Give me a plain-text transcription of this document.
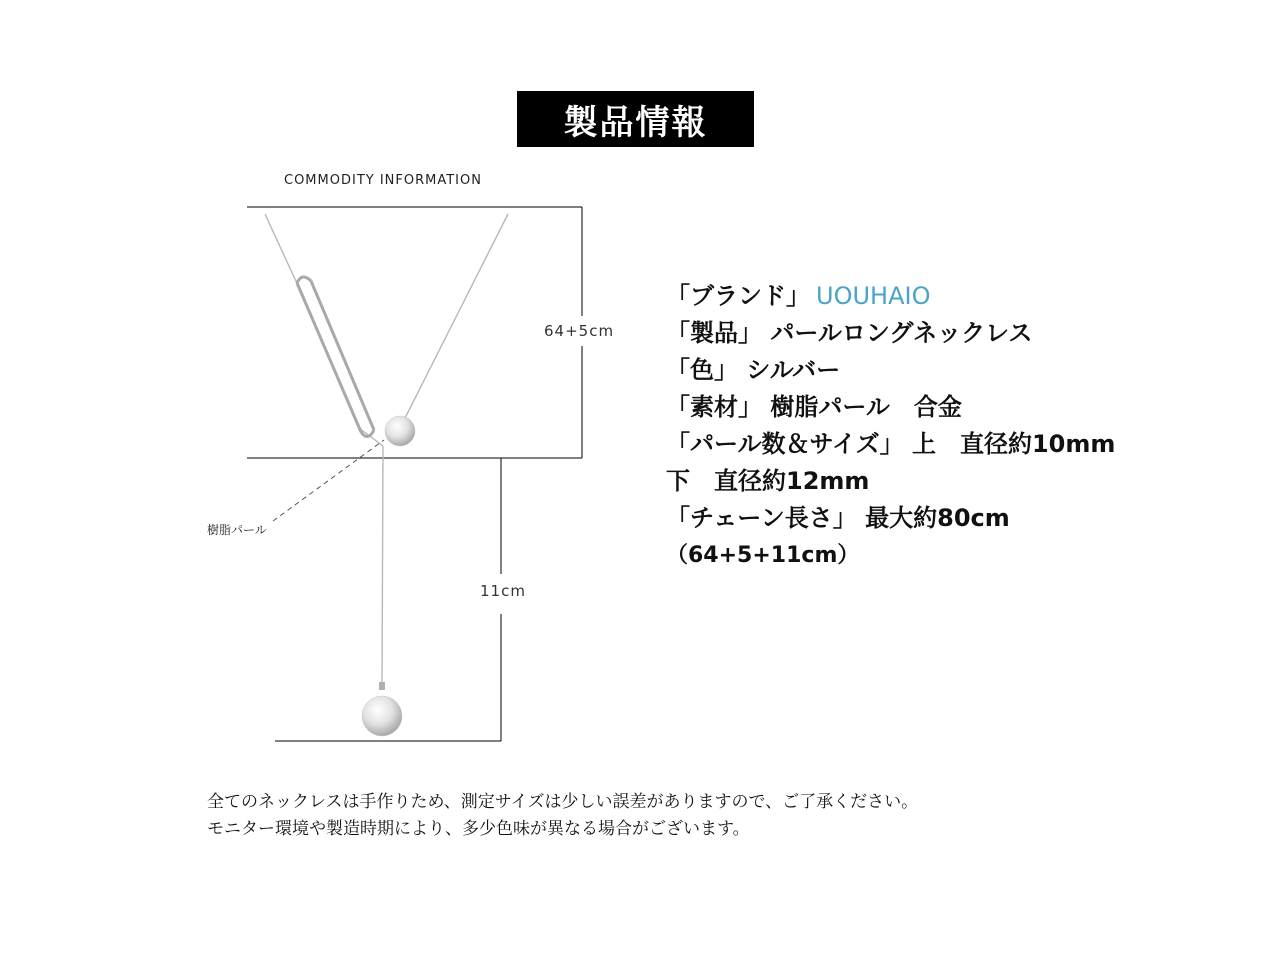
製品情報
COMMODITY INFORMATION
64+5cm
11cm
樹脂パール
「ブランド」 UOUHAIO
「製品」 パールロングネックレス
「色」 シルバー
「素材」 樹脂パール　合金
「パール数＆サイズ」 上　直径約10mm
下　直径約12mm
「チェーン長さ」 最大約80cm
（64+5+11cm）
全てのネックレスは手作りため、測定サイズは少しい誤差がありますので、ご了承ください。
モニター環境や製造時期により、多少色味が異なる場合がございます。
